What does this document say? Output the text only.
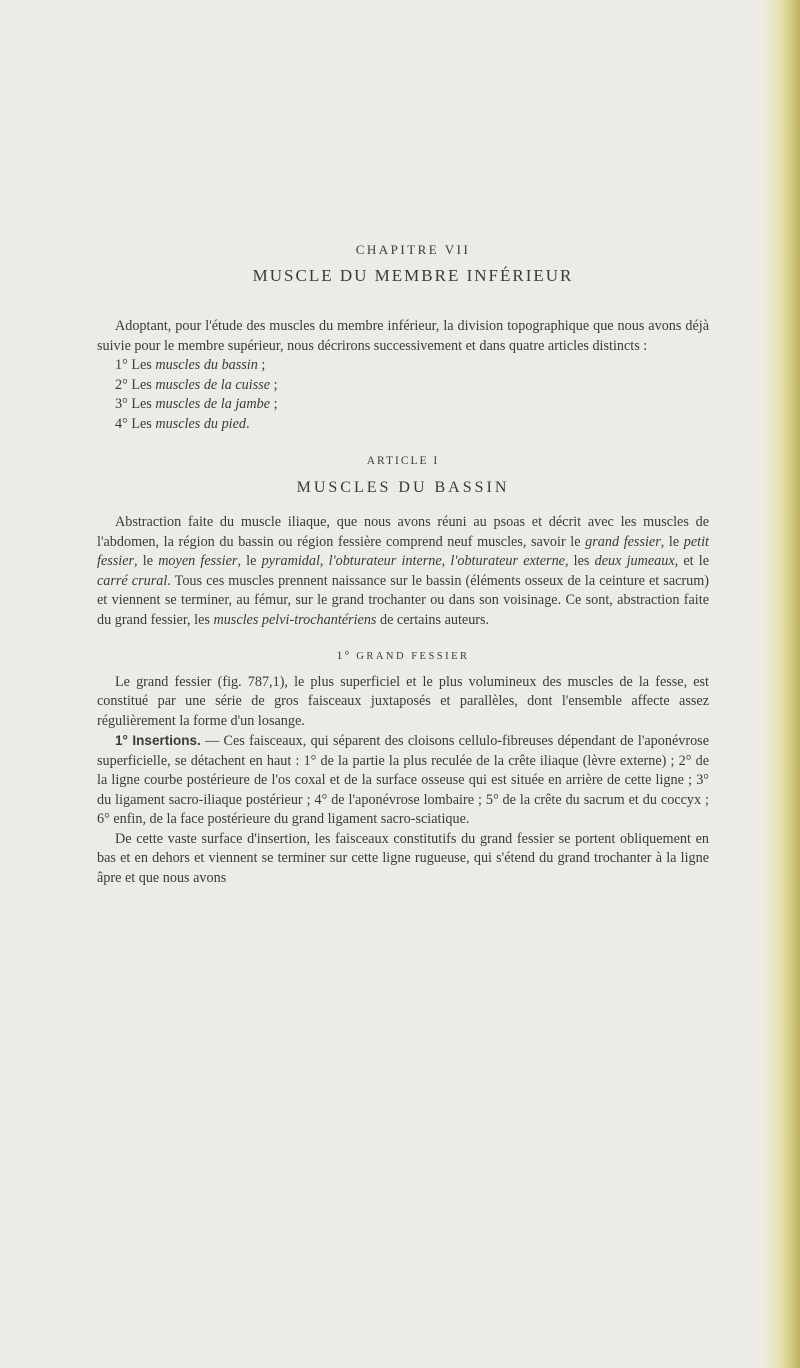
CHAPITRE VII
MUSCLE DU MEMBRE INFÉRIEUR

Adoptant, pour l'étude des muscles du membre inférieur, la division topographique que nous avons déjà suivie pour le membre supérieur, nous décrirons successivement et dans quatre articles distincts :

1° Les muscles du bassin ;
2° Les muscles de la cuisse ;
3° Les muscles de la jambe ;
4° Les muscles du pied.
ARTICLE I
MUSCLES DU BASSIN

Abstraction faite du muscle iliaque, que nous avons réuni au psoas et décrit avec les muscles de l'abdomen, la région du bassin ou région fessière comprend neuf muscles, savoir le grand fessier, le petit fessier, le moyen fessier, le pyramidal, l'obturateur interne, l'obturateur externe, les deux jumeaux, et le carré crural. Tous ces muscles prennent naissance sur le bassin (éléments osseux de la ceinture et sacrum) et viennent se terminer, au fémur, sur le grand trochanter ou dans son voisinage. Ce sont, abstraction faite du grand fessier, les muscles pelvi-trochantériens de certains auteurs.

1° GRAND FESSIER

Le grand fessier (fig. 787,1), le plus superficiel et le plus volumineux des muscles de la fesse, est constitué par une série de gros faisceaux juxtaposés et parallèles, dont l'ensemble affecte assez régulièrement la forme d'un losange.

1° Insertions. — Ces faisceaux, qui séparent des cloisons cellulo-fibreuses dépendant de l'aponévrose superficielle, se détachent en haut : 1° de la partie la plus reculée de la crête iliaque (lèvre externe) ; 2° de la ligne courbe postérieure de l'os coxal et de la surface osseuse qui est située en arrière de cette ligne ; 3° du ligament sacro-iliaque postérieur ; 4° de l'aponévrose lombaire ; 5° de la crête du sacrum et du coccyx ; 6° enfin, de la face postérieure du grand ligament sacro-sciatique.

De cette vaste surface d'insertion, les faisceaux constitutifs du grand fessier se portent obliquement en bas et en dehors et viennent se terminer sur cette ligne rugueuse, qui s'étend du grand trochanter à la ligne âpre et que nous avons
